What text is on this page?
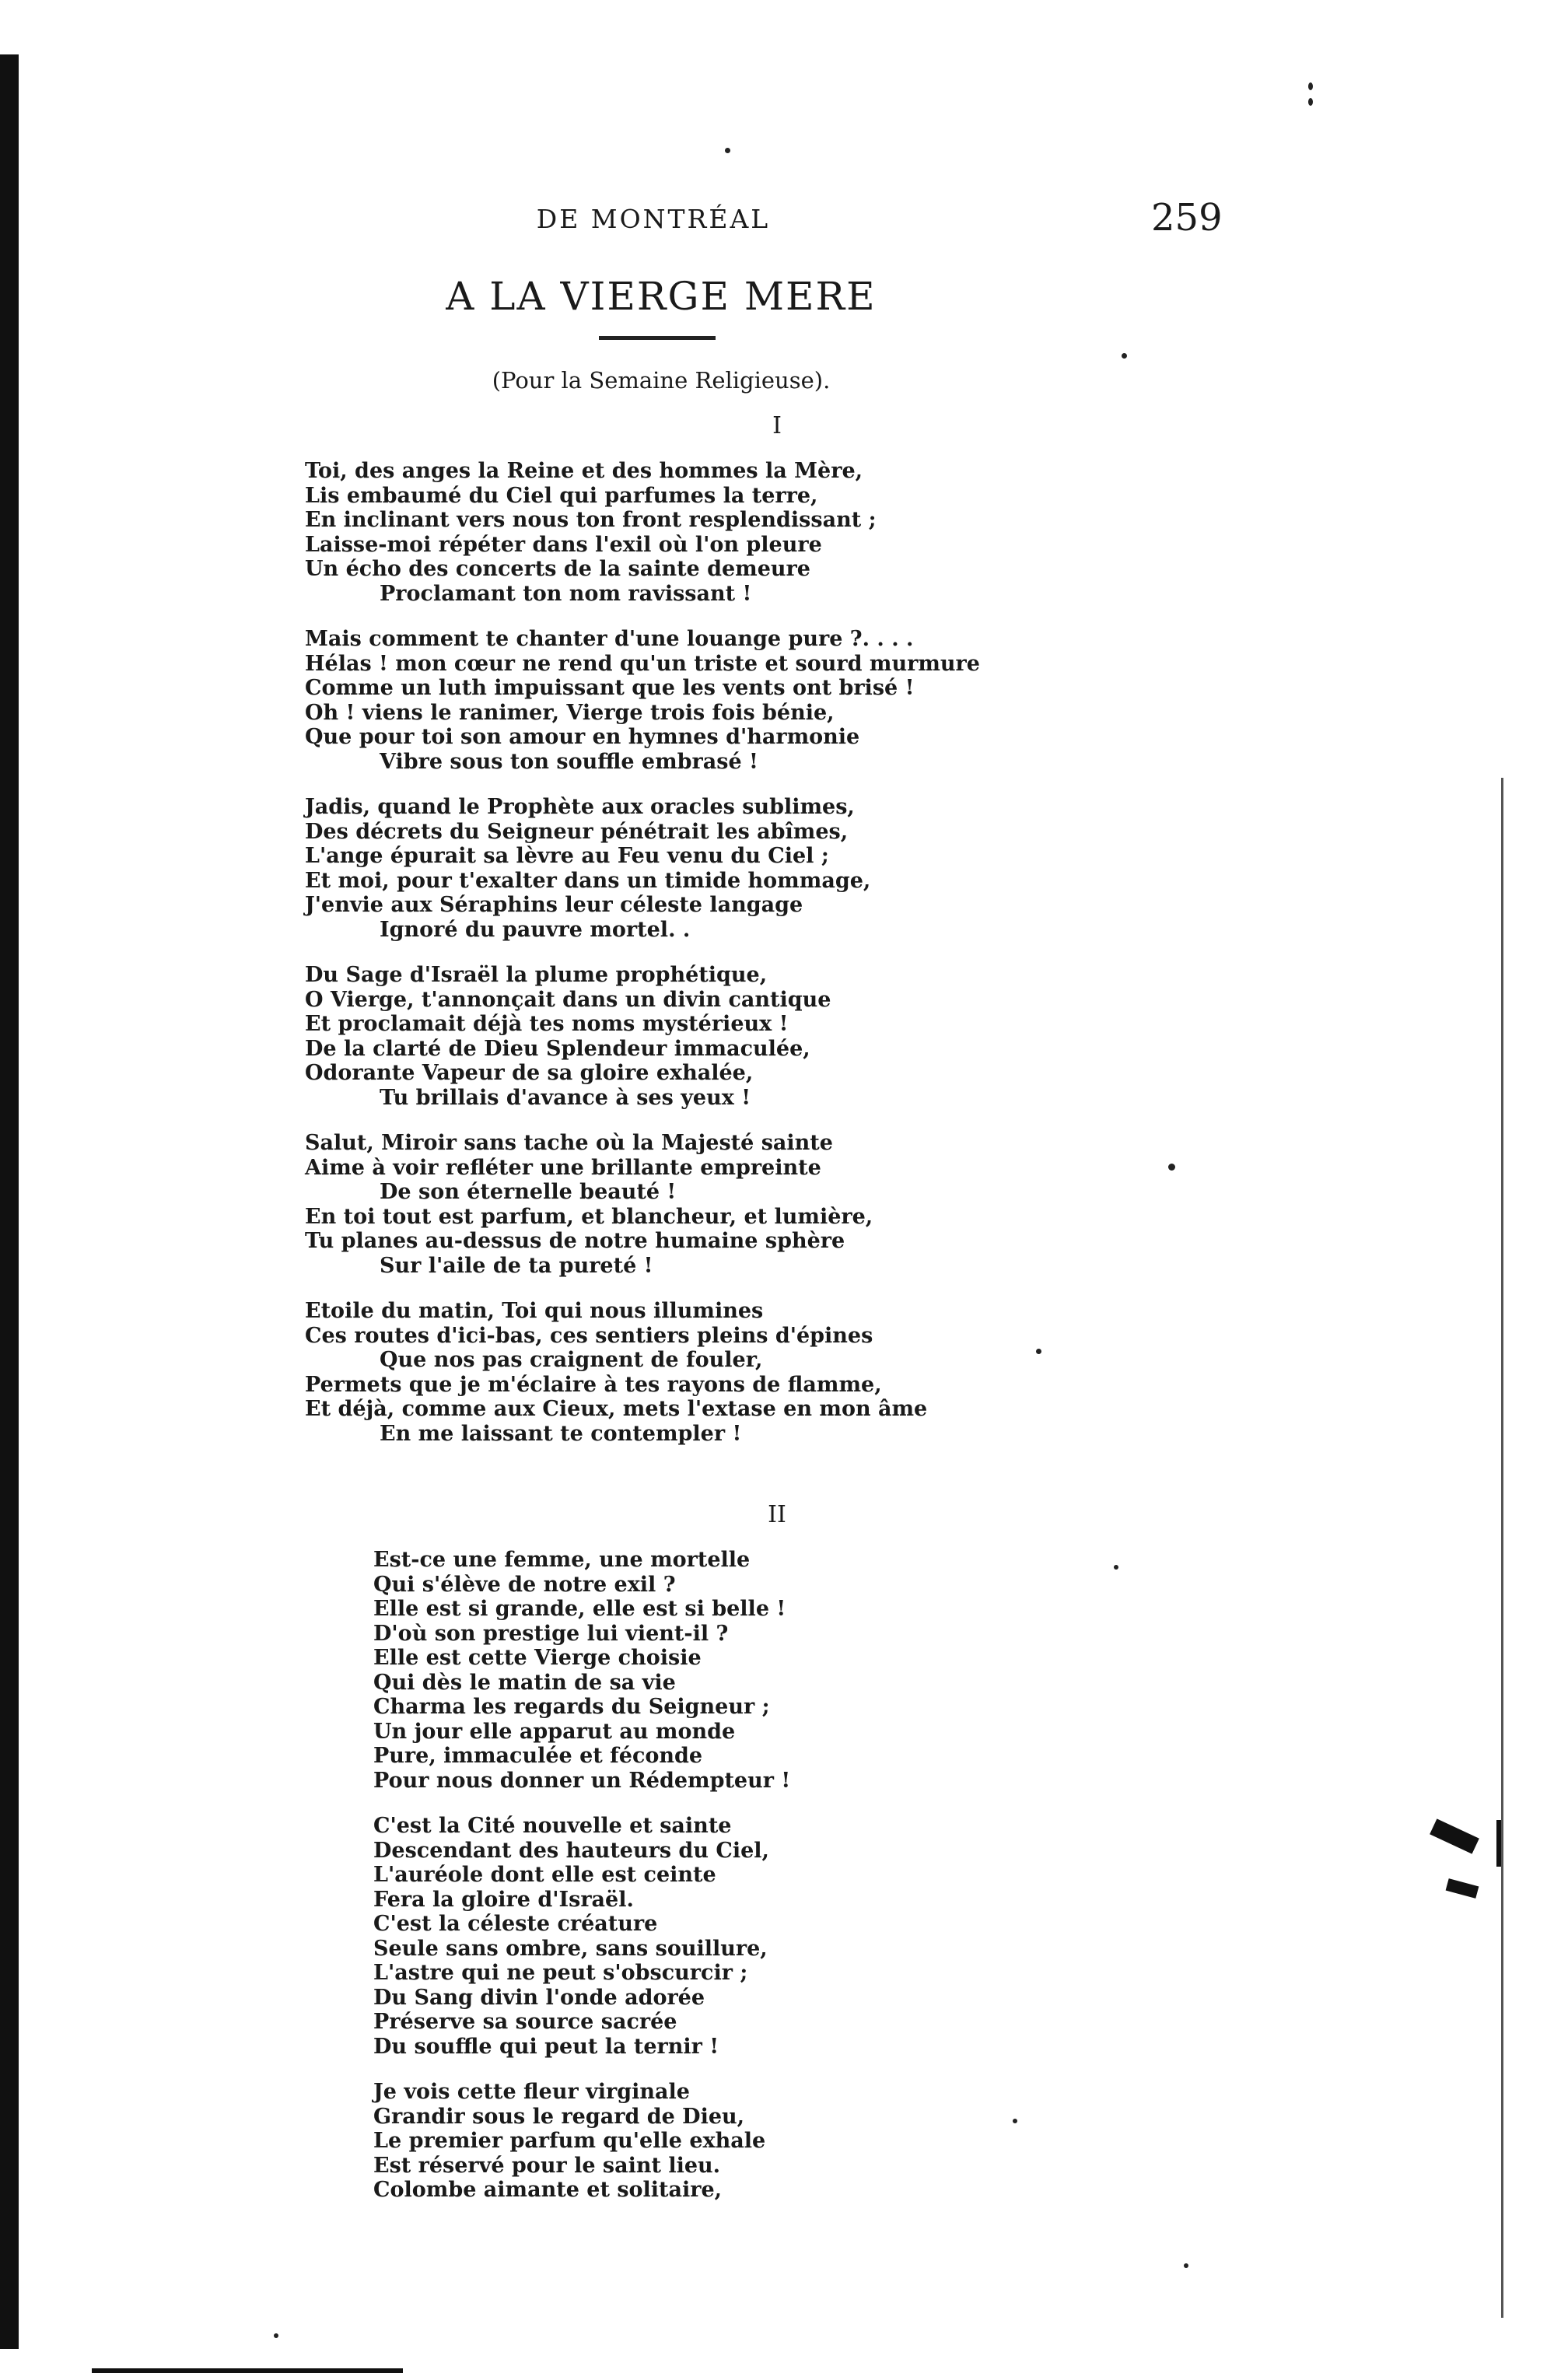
DE MONTRÉAL	259
A LA VIERGE MERE
(Pour la Semaine Religieuse).
I
Toi, des anges la Reine et des hommes la Mère,
Lis embaumé du Ciel qui parfumes la terre,
En inclinant vers nous ton front resplendissant ;
Laisse-moi répéter dans l'exil où l'on pleure
Un écho des concerts de la sainte demeure
Proclamant ton nom ravissant !
Mais comment te chanter d'une louange pure ?. . . .
Hélas ! mon cœur ne rend qu'un triste et sourd murmure
Comme un luth impuissant que les vents ont brisé !
Oh ! viens le ranimer, Vierge trois fois bénie,
Que pour toi son amour en hymnes d'harmonie
Vibre sous ton souffle embrasé !
Jadis, quand le Prophète aux oracles sublimes,
Des décrets du Seigneur pénétrait les abîmes,
L'ange épurait sa lèvre au Feu venu du Ciel ;
Et moi, pour t'exalter dans un timide hommage,
J'envie aux Séraphins leur céleste langage
Ignoré du pauvre mortel. .
Du Sage d'Israël la plume prophétique,
O Vierge, t'annonçait dans un divin cantique
Et proclamait déjà tes noms mystérieux !
De la clarté de Dieu Splendeur immaculée,
Odorante Vapeur de sa gloire exhalée,
Tu brillais d'avance à ses yeux !
Salut, Miroir sans tache où la Majesté sainte
Aime à voir refléter une brillante empreinte
De son éternelle beauté !
En toi tout est parfum, et blancheur, et lumière,
Tu planes au-dessus de notre humaine sphère
Sur l'aile de ta pureté !
Etoile du matin, Toi qui nous illumines
Ces routes d'ici-bas, ces sentiers pleins d'épines
Que nos pas craignent de fouler,
Permets que je m'éclaire à tes rayons de flamme,
Et déjà, comme aux Cieux, mets l'extase en mon âme
En me laissant te contempler !
II
Est-ce une femme, une mortelle
Qui s'élève de notre exil ?
Elle est si grande, elle est si belle !
D'où son prestige lui vient-il ?
Elle est cette Vierge choisie
Qui dès le matin de sa vie
Charma les regards du Seigneur ;
Un jour elle apparut au monde
Pure, immaculée et féconde
Pour nous donner un Rédempteur !
C'est la Cité nouvelle et sainte
Descendant des hauteurs du Ciel,
L'auréole dont elle est ceinte
Fera la gloire d'Israël.
C'est la céleste créature
Seule sans ombre, sans souillure,
L'astre qui ne peut s'obscurcir ;
Du Sang divin l'onde adorée
Préserve sa source sacrée
Du souffle qui peut la ternir !
Je vois cette fleur virginale
Grandir sous le regard de Dieu,
Le premier parfum qu'elle exhale
Est réservé pour le saint lieu.
Colombe aimante et solitaire,
